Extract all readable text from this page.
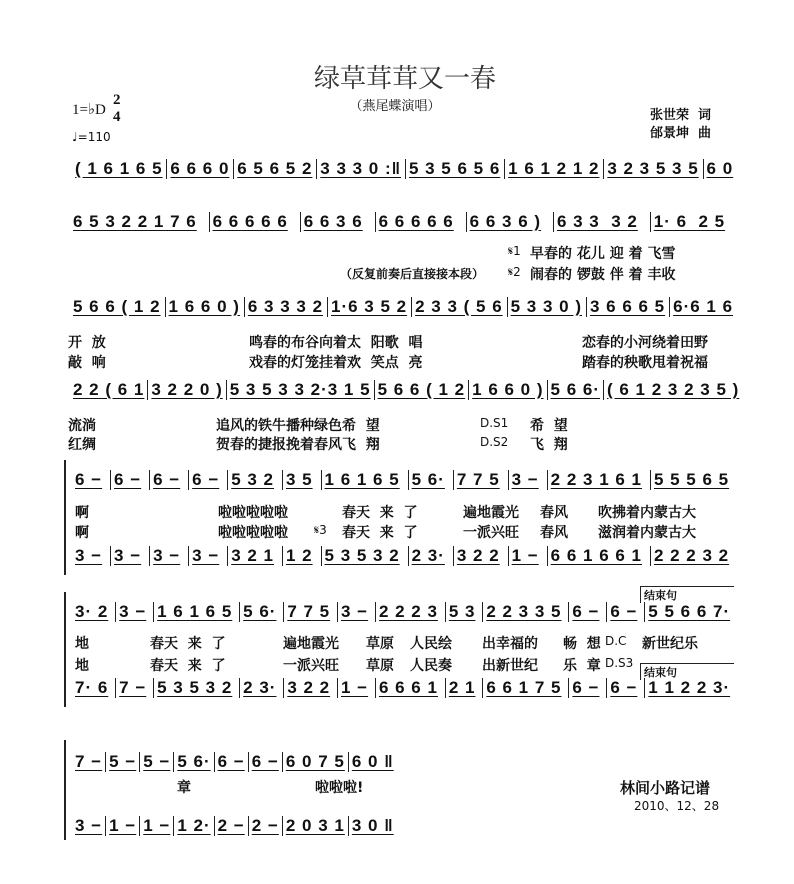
绿草茸茸又一春
（燕尾蝶演唱）
1=♭D
2
4
♩=110
张世荣  词
邰景坤  曲
( 1 6 1 6 5 6 6 6 0 6 5 6 5 2 3 3 3 0 :‖ 5 3 5 6 5 6 1 6 1 2 1 2 3 2 3 5 3 5 6 0
6 5 3 2 2 1 7 6 6 6 6 6 6 6 6 3 6 6 6 6 6 6 6 6 3 6 ) 6 3 3  3 2 1· 6  2 5
𝄋1 早春的 花儿 迎 着 飞雪
（反复前奏后直接接本段） 𝄋2 闹春的 锣鼓 伴 着 丰收
5 6 6 ( 1 2 1 6 6 0 ) 6 3 3 3 2 1·6 3 5 2 2 3 3 ( 5 6 5 3 3 0 ) 3 6 6 6 5 6·6 1 6
开  放	鸣春的布谷向着太  阳歌  唱	恋春的小河绕着田野
敲  响	戏春的灯笼挂着欢  笑点  亮	踏春的秧歌甩着祝福
2 2 ( 6 1 3 2 2 0 ) 5 3 5 3 3 2·3 1 5 5 6 6 ( 1 2 1 6 6 0 ) 5 6 6· ( 6 1 2 3 2 3 5 )
流淌	追风的铁牛播种绿色希  望	D.S1 希  望
红绸	贺春的捷报挽着春风飞  翔	D.S2 飞  翔
6 − 6 − 6 − 6 − 5 3 2 3 5 1 6 1 6 5 5 6· 7 7 5 3 − 2 2 3 1 6 1 5 5 5 6 5
啊	啦啦啦啦啦	春天  来  了	遍地霞光 春风 吹拂着内蒙古大
啊	啦啦啦啦啦 𝄋3 春天  来  了	一派兴旺 春风 滋润着内蒙古大
3 − 3 − 3 − 3 − 3 2 1 1 2 5 3 5 3 2 2 3· 3 2 2 1 − 6 6 1 6 6 1 2 2 2 3 2
结束句
3· 2 3 − 1 6 1 6 5 5 6· 7 7 5 3 − 2 2 2 3 5 3 2 2 3 3 5 6 − 6 − 5 5 6 6 7·
地	春天  来  了	遍地霞光 草原 人民绘 出幸福的 畅  想 D.C 新世纪乐
地	春天  来  了	一派兴旺 草原 人民奏 出新世纪 乐  章 D.S3
结束句
7· 6 7 − 5 3 5 3 2 2 3· 3 2 2 1 − 6 6 6 1 2 1 6 6 1 7 5 6 − 6 − 1 1 2 2 3·
7 − 5 − 5 − 5 6· 6 − 6 − 6 0 7 5 6 0 ‖
章	啦啦啦!
3 − 1 − 1 − 1 2· 2 − 2 − 2 0 3 1 3 0 ‖
林间小路记谱
2010、12、28
